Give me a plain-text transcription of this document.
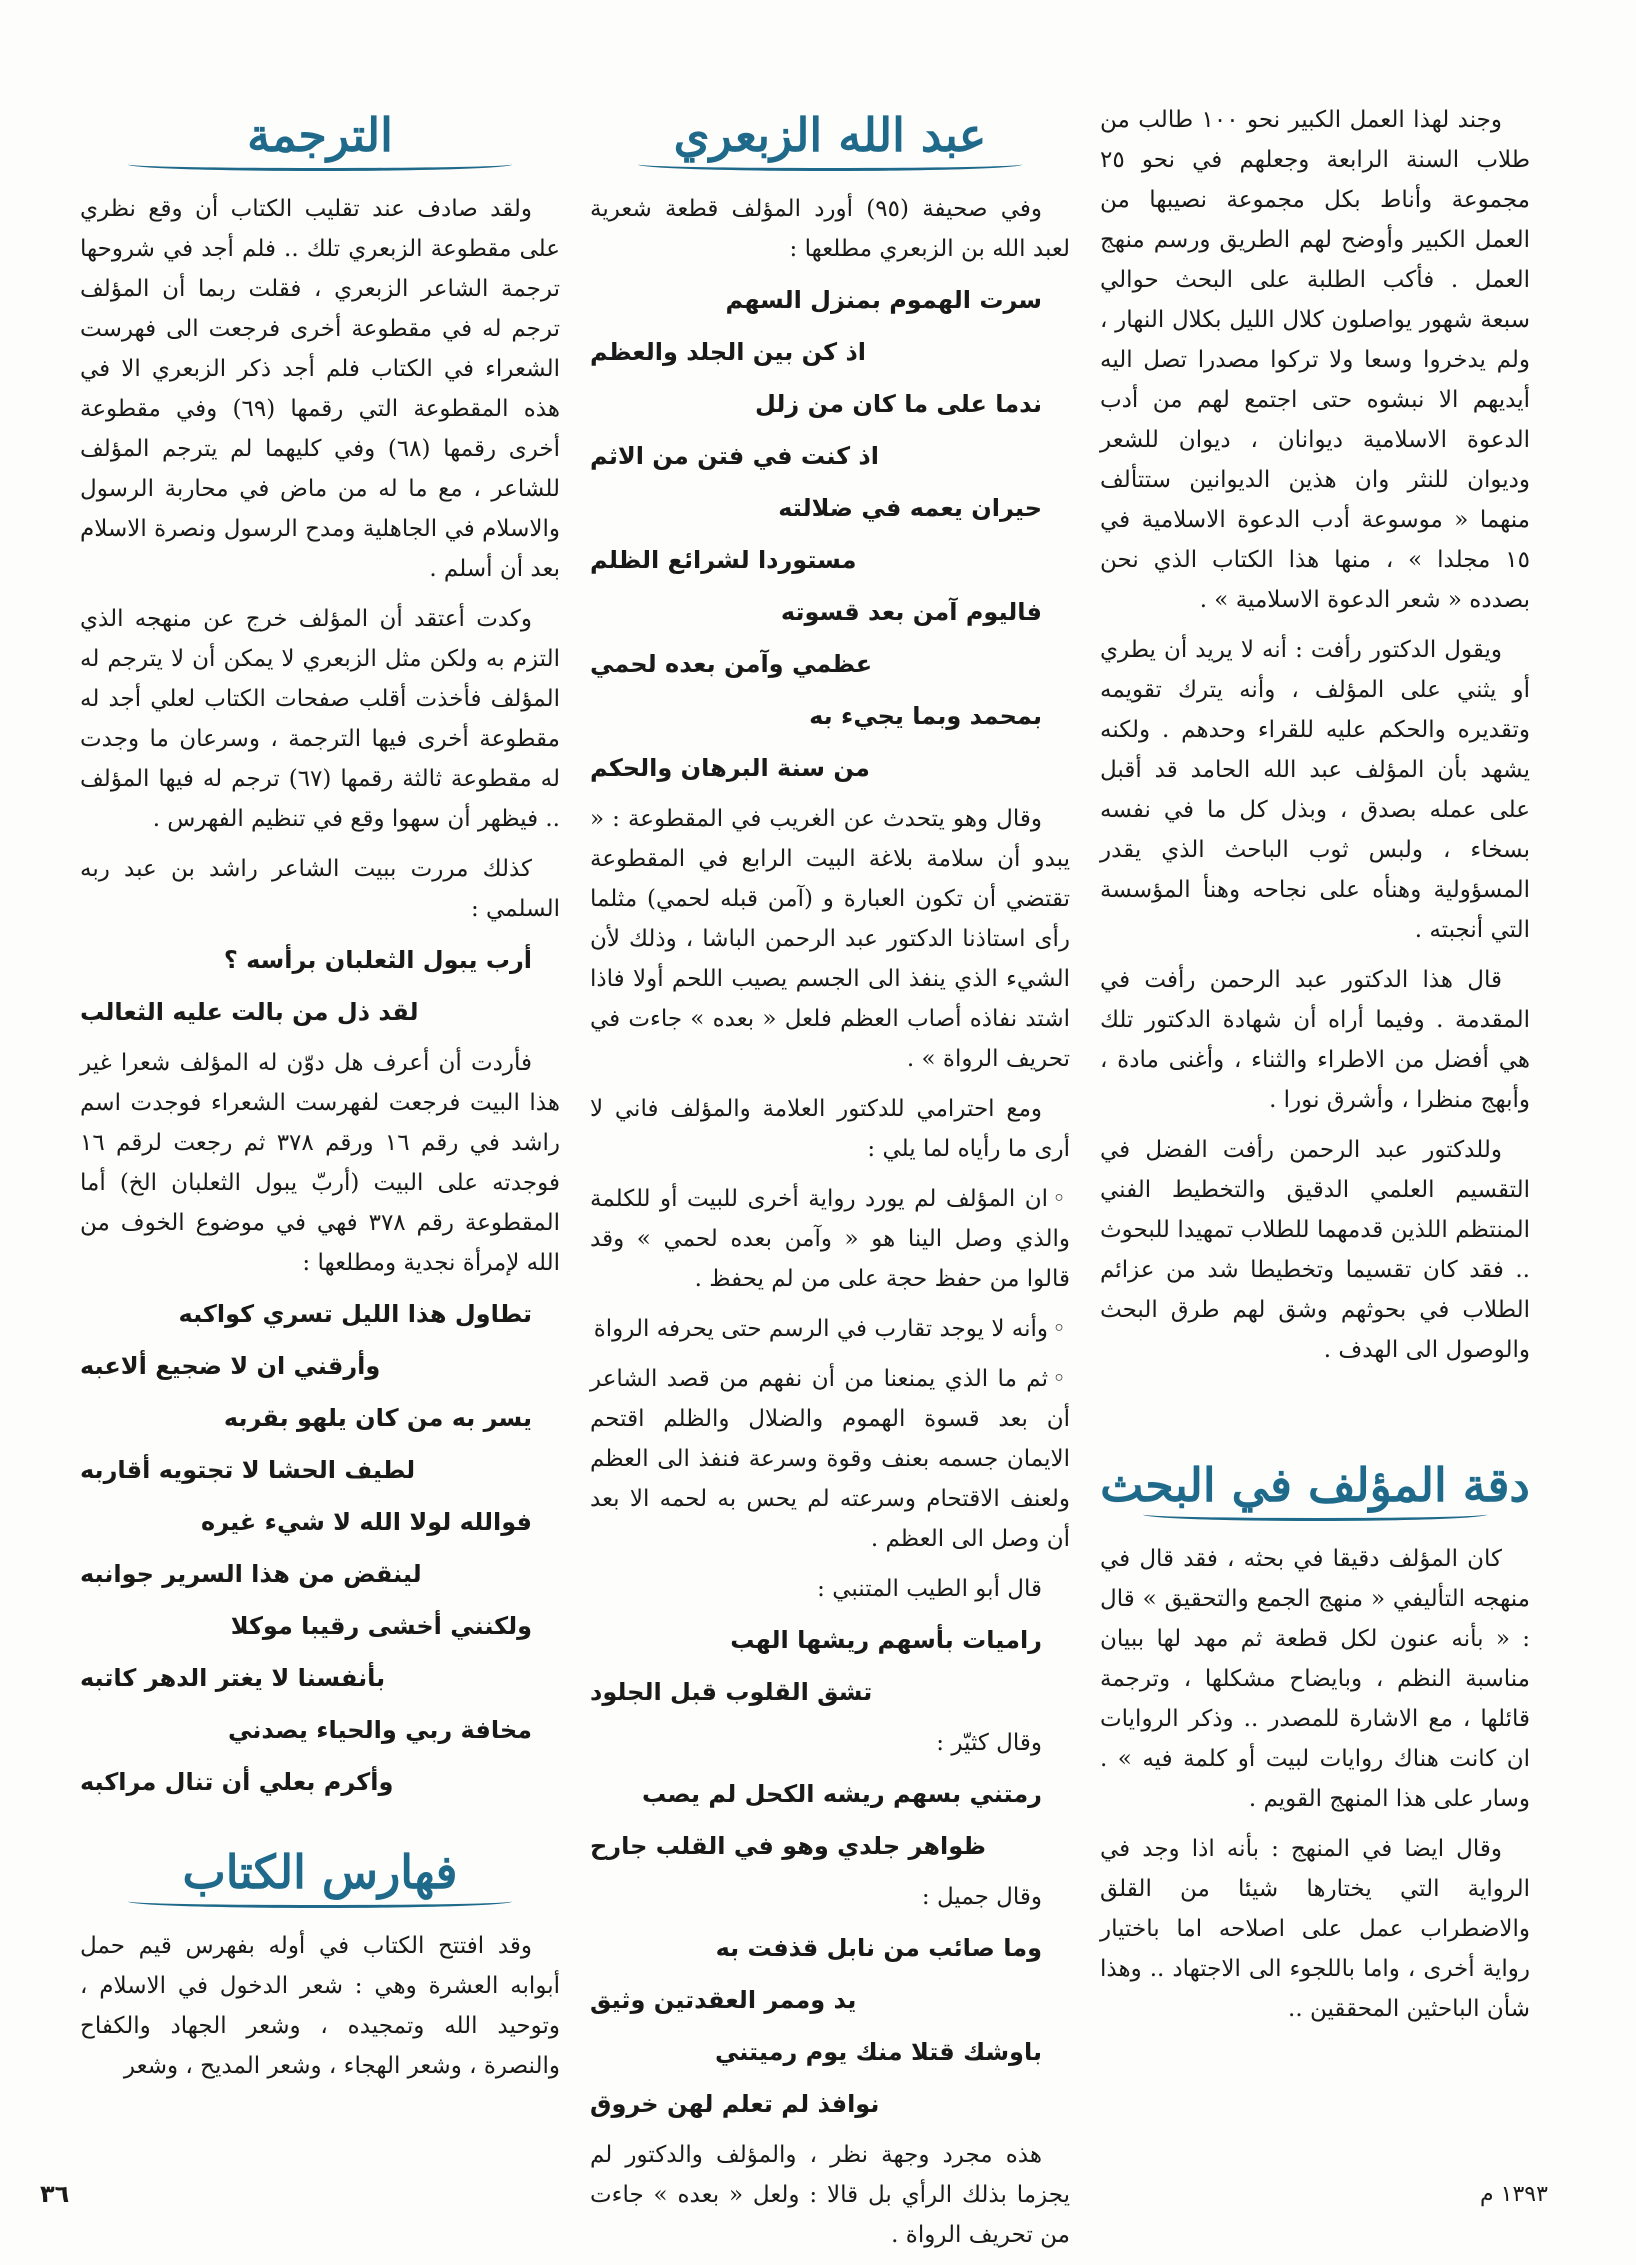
وجند لهذا العمل الكبير نحو ١٠٠ طالب من طلاب السنة الرابعة وجعلهم في نحو ٢٥ مجموعة وأناط بكل مجموعة نصيبها من العمل الكبير وأوضح لهم الطريق ورسم منهج العمل . فأكب الطلبة على البحث حوالي سبعة شهور يواصلون كلال الليل بكلال النهار ، ولم يدخروا وسعا ولا تركوا مصدرا تصل اليه أيديهم الا نبشوه حتى اجتمع لهم من أدب الدعوة الاسلامية ديوانان ، ديوان للشعر وديوان للنثر وان هذين الديوانين ستتألف منهما « موسوعة أدب الدعوة الاسلامية في ١٥ مجلدا » ، منها هذا الكتاب الذي نحن بصدده « شعر الدعوة الاسلامية » .

ويقول الدكتور رأفت : أنه لا يريد أن يطري أو يثني على المؤلف ، وأنه يترك تقويمه وتقديره والحكم عليه للقراء وحدهم . ولكنه يشهد بأن المؤلف عبد الله الحامد قد أقبل على عمله بصدق ، وبذل كل ما في نفسه بسخاء ، ولبس ثوب الباحث الذي يقدر المسؤولية وهنأه على نجاحه وهنأ المؤسسة التي أنجبته .

قال هذا الدكتور عبد الرحمن رأفت في المقدمة . وفيما أراه أن شهادة الدكتور تلك هي أفضل من الاطراء والثناء ، وأغنى مادة ، وأبهج منظرا ، وأشرق نورا .

وللدكتور عبد الرحمن رأفت الفضل في التقسيم العلمي الدقيق والتخطيط الفني المنتظم اللذين قدمهما للطلاب تمهيدا للبحوث .. فقد كان تقسيما وتخطيطا شد من عزائم الطلاب في بحوثهم وشق لهم طرق البحث والوصول الى الهدف .

دقة المؤلف في البحث

كان المؤلف دقيقا في بحثه ، فقد قال في منهجه التأليفي « منهج الجمع والتحقيق » قال : « بأنه عنون لكل قطعة ثم مهد لها ببيان مناسبة النظم ، وبايضاح مشكلها ، وترجمة قائلها ، مع الاشارة للمصدر .. وذكر الروايات ان كانت هناك روايات لبيت أو كلمة فيه » . وسار على هذا المنهج القويم .

وقال ايضا في المنهج : بأنه اذا وجد في الرواية التي يختارها شيئا من القلق والاضطراب عمل على اصلاحه اما باختيار رواية أخرى ، واما باللجوء الى الاجتهاد .. وهذا شأن الباحثين المحققين ..

عبد الله الزبعري

وفي صحيفة (٩٥) أورد المؤلف قطعة شعرية لعبد الله بن الزبعري مطلعها :

سرت الهموم بمنزل السهم

اذ كن بين الجلد والعظم

ندما على ما كان من زلل

اذ كنت في فتن من الاثم

حيران يعمه في ضلالته

مستوردا لشرائع الظلم

فاليوم آمن بعد قسوته

عظمي وآمن بعده لحمي

بمحمد وبما يجيء به

من سنة البرهان والحكم

وقال وهو يتحدث عن الغريب في المقطوعة : « يبدو أن سلامة بلاغة البيت الرابع في المقطوعة تقتضي أن تكون العبارة و (آمن قبله لحمي) مثلما رأى استاذنا الدكتور عبد الرحمن الباشا ، وذلك لأن الشيء الذي ينفذ الى الجسم يصيب اللحم أولا فاذا اشتد نفاذه أصاب العظم فلعل « بعده » جاءت في تحريف الرواة » .

ومع احترامي للدكتور العلامة والمؤلف فاني لا أرى ما رأياه لما يلي :

◦ان المؤلف لم يورد رواية أخرى للبيت أو للكلمة والذي وصل الينا هو « وآمن بعده لحمي » وقد قالوا من حفظ حجة على من لم يحفظ .

◦وأنه لا يوجد تقارب في الرسم حتى يحرفه الرواة

◦ثم ما الذي يمنعنا من أن نفهم من قصد الشاعر أن بعد قسوة الهموم والضلال والظلم اقتحم الايمان جسمه بعنف وقوة وسرعة فنفذ الى العظم ولعنف الاقتحام وسرعته لم يحس به لحمه الا بعد أن وصل الى العظم .

قال أبو الطيب المتنبي :

راميات بأسهم ريشها الهب

تشق القلوب قبل الجلود

وقال كثيّر :

رمتني بسهم ريشه الكحل لم يصب

ظواهر جلدي وهو في القلب جارح

وقال جميل :

وما صائب من نابل قذفت به

يد وممر العقدتين وثيق

باوشك قتلا منك يوم رميتني

نوافذ لم تعلم لهن خروق

هذه مجرد وجهة نظر ، والمؤلف والدكتور لم يجزما بذلك الرأي بل قالا : ولعل « بعده » جاءت من تحريف الرواة .

الترجمة

ولقد صادف عند تقليب الكتاب أن وقع نظري على مقطوعة الزبعري تلك .. فلم أجد في شروحها ترجمة الشاعر الزبعري ، فقلت ربما أن المؤلف ترجم له في مقطوعة أخرى فرجعت الى فهرست الشعراء في الكتاب فلم أجد ذكر الزبعري الا في هذه المقطوعة التي رقمها (٦٩) وفي مقطوعة أخرى رقمها (٦٨) وفي كليهما لم يترجم المؤلف للشاعر ، مع ما له من ماض في محاربة الرسول والاسلام في الجاهلية ومدح الرسول ونصرة الاسلام بعد أن أسلم .

وكدت أعتقد أن المؤلف خرج عن منهجه الذي التزم به ولكن مثل الزبعري لا يمكن أن لا يترجم له المؤلف فأخذت أقلب صفحات الكتاب لعلي أجد له مقطوعة أخرى فيها الترجمة ، وسرعان ما وجدت له مقطوعة ثالثة رقمها (٦٧) ترجم له فيها المؤلف .. فيظهر أن سهوا وقع في تنظيم الفهرس .

كذلك مررت ببيت الشاعر راشد بن عبد ربه السلمي :

أرب يبول الثعلبان برأسه ؟

لقد ذل من بالت عليه الثعالب

فأردت أن أعرف هل دوّن له المؤلف شعرا غير هذا البيت فرجعت لفهرست الشعراء فوجدت اسم راشد في رقم ١٦ ورقم ٣٧٨ ثم رجعت لرقم ١٦ فوجدته على البيت (أربّ يبول الثعلبان الخ) أما المقطوعة رقم ٣٧٨ فهي في موضوع الخوف من الله لإمرأة نجدية ومطلعها :

تطاول هذا الليل تسري كواكبه

وأرقني ان لا ضجيع ألاعبه

يسر به من كان يلهو بقربه

لطيف الحشا لا تجتويه أقاربه

فوالله لولا الله لا شيء غيره

لينقض من هذا السرير جوانبه

ولكنني أخشى رقيبا موكلا

بأنفسنا لا يغتر الدهر كاتبه

مخافة ربي والحياء يصدني

وأكرم بعلي أن تنال مراكبه

فهارس الكتاب

وقد افتتح الكتاب في أوله بفهرس قيم حمل أبوابه العشرة وهي : شعر الدخول في الاسلام ، وتوحيد الله وتمجيده ، وشعر الجهاد والكفاح والنصرة ، وشعر الهجاء ، وشعر المديح ، وشعر

٣٦	١٣٩٣ م
